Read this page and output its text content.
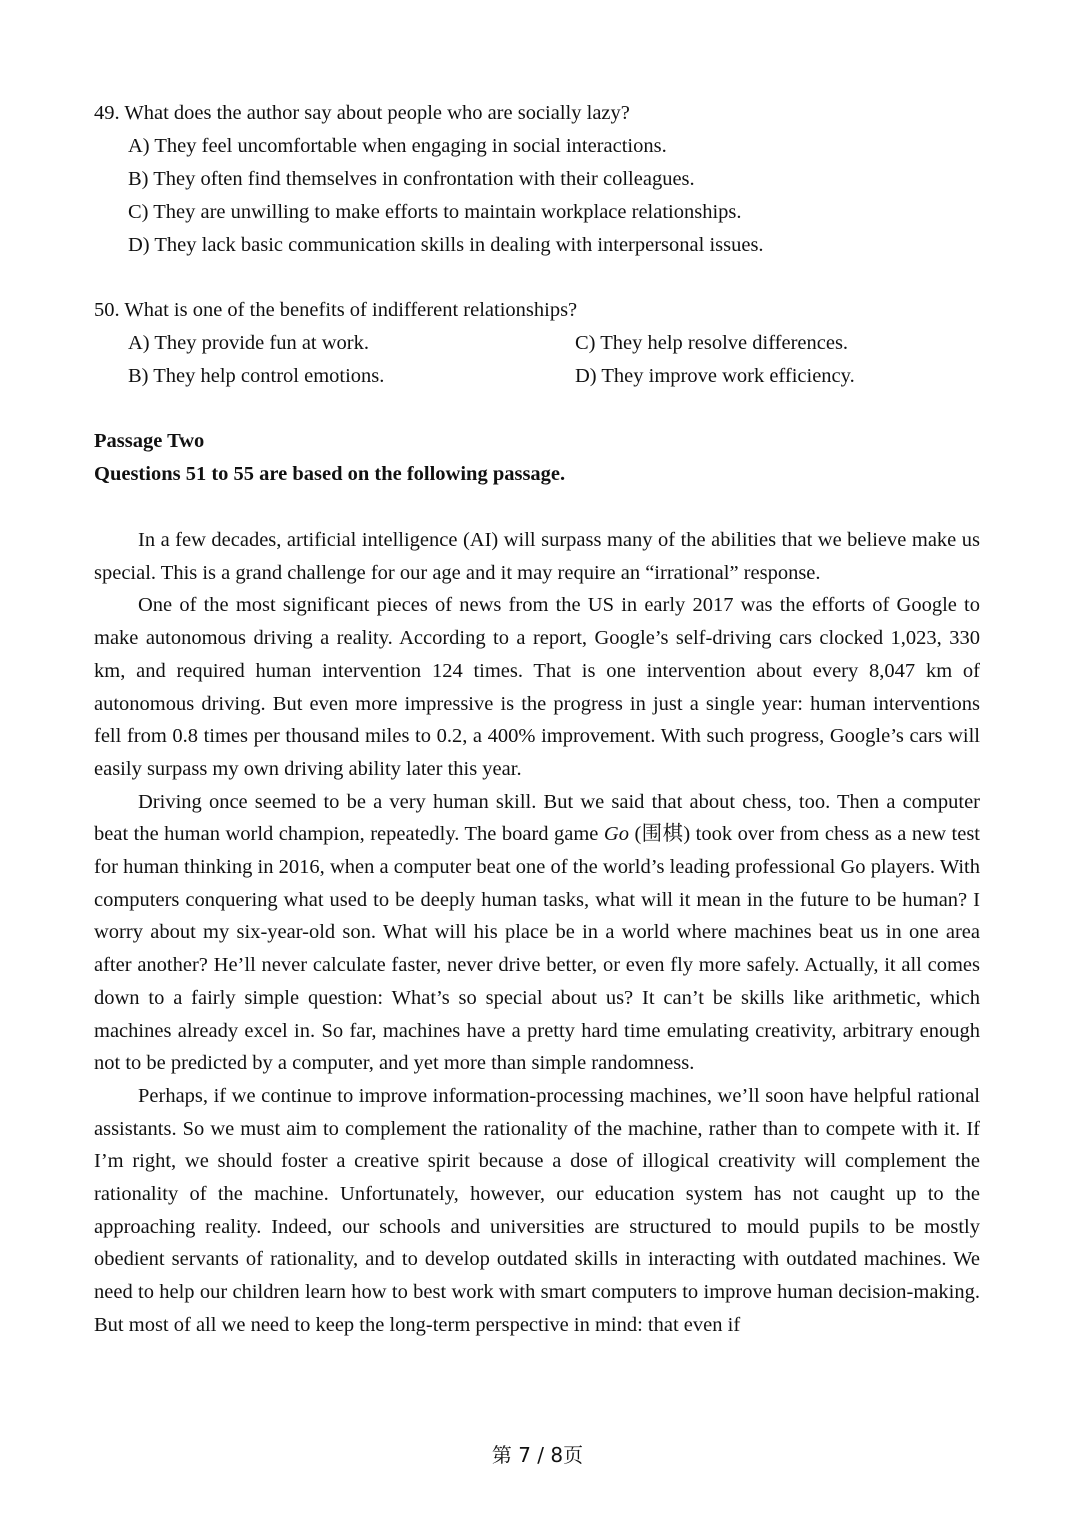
49. What does the author say about people who are socially lazy?
A) They feel uncomfortable when engaging in social interactions.
B) They often find themselves in confrontation with their colleagues.
C) They are unwilling to make efforts to maintain workplace relationships.
D) They lack basic communication skills in dealing with interpersonal issues.
50. What is one of the benefits of indifferent relationships?
A) They provide fun at work.	C) They help resolve differences.
B) They help control emotions.	D) They improve work efficiency.
Passage Two
Questions 51 to 55 are based on the following passage.

In a few decades, artificial intelligence (AI) will surpass many of the abilities that we believe make us special. This is a grand challenge for our age and it may require an “irrational” response.

One of the most significant pieces of news from the US in early 2017 was the efforts of Google to make autonomous driving a reality. According to a report, Google’s self-driving cars clocked 1,023, 330 km, and required human intervention 124 times. That is one intervention about every 8,047 km of autonomous driving. But even more impressive is the progress in just a single year: human interventions fell from 0.8 times per thousand miles to 0.2, a 400% improvement. With such progress, Google’s cars will easily surpass my own driving ability later this year.

Driving once seemed to be a very human skill. But we said that about chess, too. Then a computer beat the human world champion, repeatedly. The board game Go (围棋) took over from chess as a new test for human thinking in 2016, when a computer beat one of the world’s leading professional Go players. With computers conquering what used to be deeply human tasks, what will it mean in the future to be human? I worry about my six-year-old son. What will his place be in a world where machines beat us in one area after another? He’ll never calculate faster, never drive better, or even fly more safely. Actually, it all comes down to a fairly simple question: What’s so special about us? It can’t be skills like arithmetic, which machines already excel in. So far, machines have a pretty hard time emulating creativity, arbitrary enough not to be predicted by a computer, and yet more than simple randomness.

Perhaps, if we continue to improve information-processing machines, we’ll soon have helpful rational assistants. So we must aim to complement the rationality of the machine, rather than to compete with it. If I’m right, we should foster a creative spirit because a dose of illogical creativity will complement the rationality of the machine. Unfortunately, however, our education system has not caught up to the approaching reality. Indeed, our schools and universities are structured to mould pupils to be mostly obedient servants of rationality, and to develop outdated skills in interacting with outdated machines. We need to help our children learn how to best work with smart computers to improve human decision-making. But most of all we need to keep the long-term perspective in mind: that even if

第 7 / 8页
